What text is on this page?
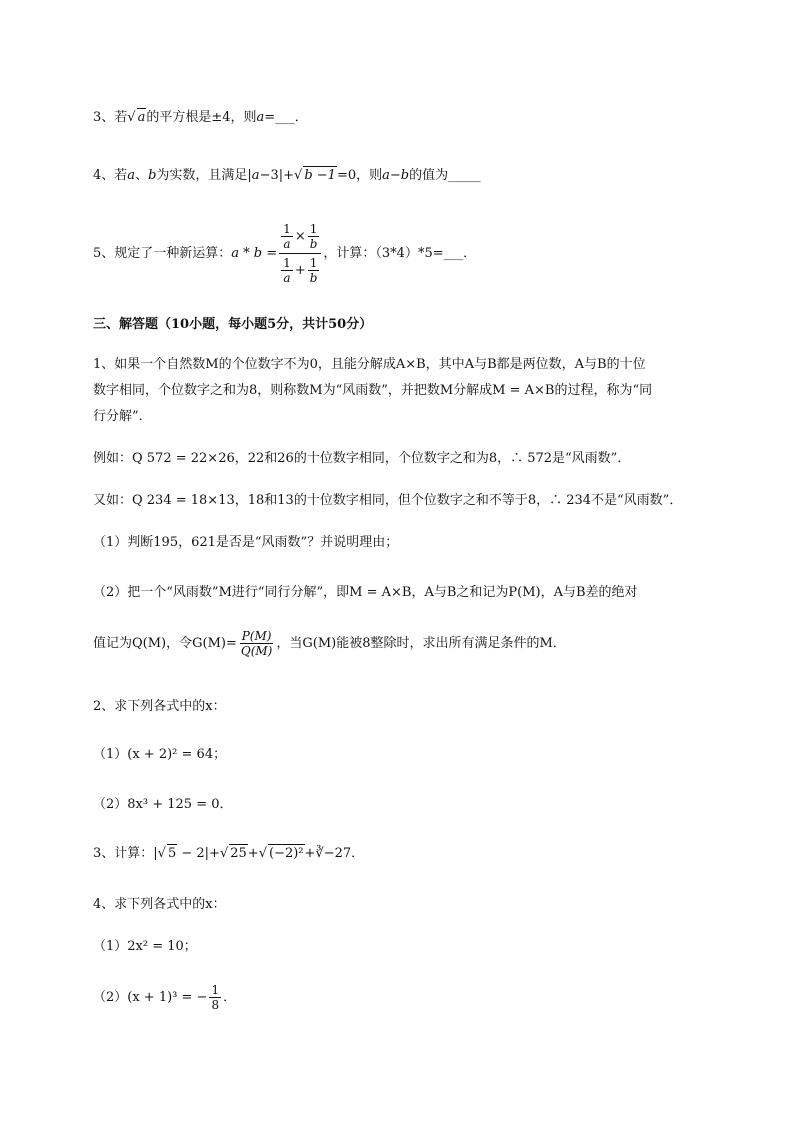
3、若√ a的平方根是±4，则a=___．
4、若a、b为实数，且满足|a−3|+√ b −1=0，则a−b的值为_____
5、规定了一种新运算：$a * b = \frac{\frac{1}{a} \times \frac{1}{b}}{\frac{1}{a} + \frac{1}{b}}$ ，计算：（3*4）*5=___．
三、解答题（10小题，每小题5分，共计50分）
1、如果一个自然数M的个位数字不为0，且能分解成A×B，其中A与B都是两位数，A与B的十位
数字相同，个位数字之和为8，则称数M为“风雨数”，并把数M分解成M = A×B的过程，称为“同
行分解”．
例如：Q 572 = 22×26，22和26的十位数字相同，个位数字之和为8，∴ 572是“风雨数”．
又如：Q 234 = 18×13，18和13的十位数字相同，但个位数字之和不等于8，∴ 234不是“风雨数”．
（1）判断195，621是否是“风雨数”？并说明理由；
（2）把一个“风雨数”M进行“同行分解”，即M = A×B，A与B之和记为P(M)，A与B差的绝对
值记为Q(M)，令$G(M)= \frac{P(M)}{Q(M)}$ ，当G(M)能被8整除时，求出所有满足条件的M．
2、求下列各式中的x：
（1）(x + 2)² = 64；
（2）8x³ + 125 = 0．
3、计算：|√ 5 − 2|+√ 25+√ (−2)²+∛−27．
4、求下列各式中的x：
（1）2x² = 10；
（2）(x + 1)³ = − $\frac{1}{8}$ ．
